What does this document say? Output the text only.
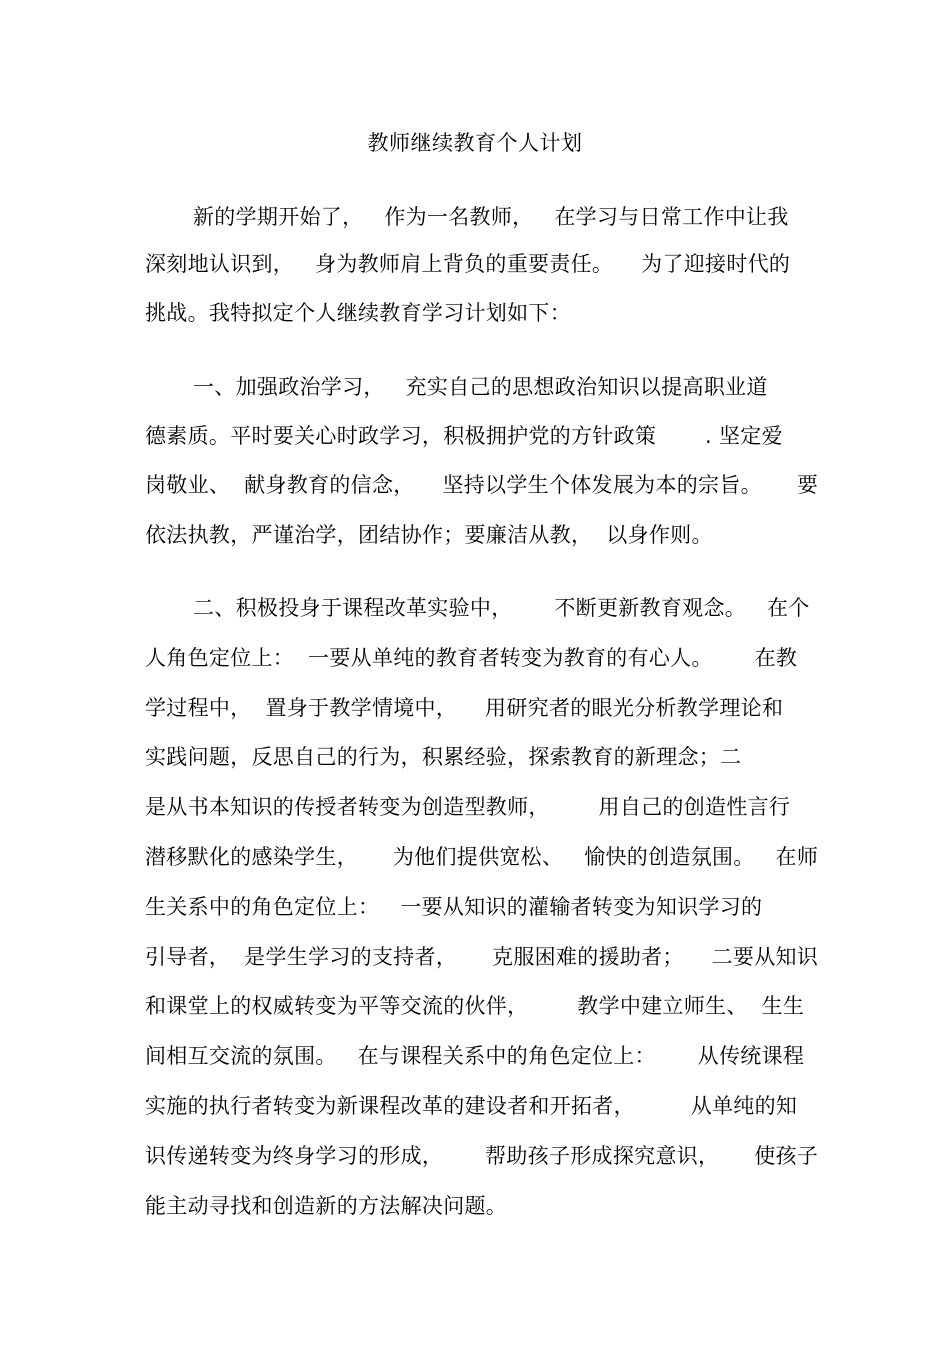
教师继续教育个人计划
新的学期开始了，   作为一名教师，   在学习与日常工作中让我
深刻地认识到，   身为教师肩上背负的重要责任。    为了迎接时代的
挑战。我特拟定个人继续教育学习计划如下：
一、加强政治学习，   充实自己的思想政治知识以提高职业道
德素质。平时要关心时政学习，积极拥护党的方针政策       . 坚定爱
岗敬业、  献身教育的信念，    坚持以学生个体发展为本的宗旨。     要
依法执教，严谨治学，团结协作；要廉洁从教，  以身作则。
二、积极投身于课程改革实验中，      不断更新教育观念。   在个
人角色定位上：  一要从单纯的教育者转变为教育的有心人。      在教
学过程中，  置身于教学情境中，    用研究者的眼光分析教学理论和
实践问题，反思自己的行为，积累经验，探索教育的新理念；二
是从书本知识的传授者转变为创造型教师，       用自己的创造性言行
潜移默化的感染学生，     为他们提供宽松、   愉快的创造氛围。   在师
生关系中的角色定位上：   一要从知识的灌输者转变为知识学习的
引导者，  是学生学习的支持者，     克服困难的援助者；    二要从知识
和课堂上的权威转变为平等交流的伙伴，       教学中建立师生、  生生
间相互交流的氛围。   在与课程关系中的角色定位上：      从传统课程
实施的执行者转变为新课程改革的建设者和开拓者，        从单纯的知
识传递转变为终身学习的形成，      帮助孩子形成探究意识，     使孩子
能主动寻找和创造新的方法解决问题。
